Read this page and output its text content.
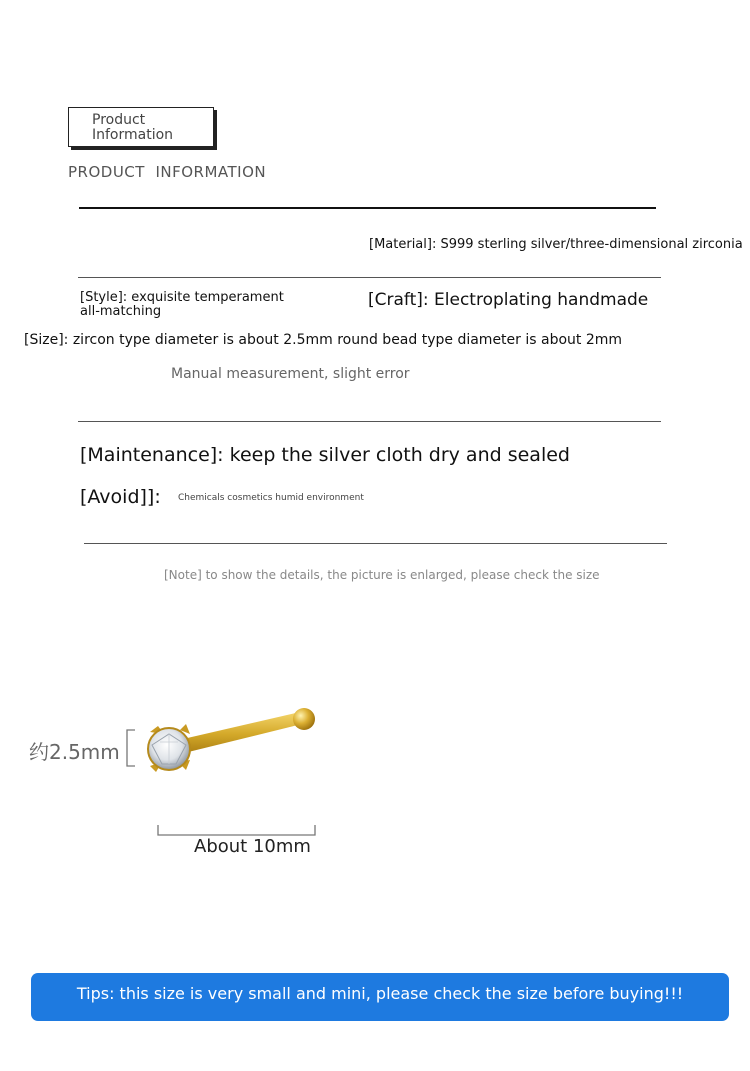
Product
Information
PRODUCT  INFORMATION
[Material]: S999 sterling silver/three-dimensional zirconia
[Style]: exquisite temperament
all-matching
[Craft]: Electroplating handmade
[Size]: zircon type diameter is about 2.5mm round bead type diameter is about 2mm
Manual measurement, slight error
[Maintenance]: keep the silver cloth dry and sealed
[Avoid]]: Chemicals cosmetics humid environment
[Note] to show the details, the picture is enlarged, please check the size
约2.5mm
About 10mm
Tips: this size is very small and mini, please check the size before buying!!!
